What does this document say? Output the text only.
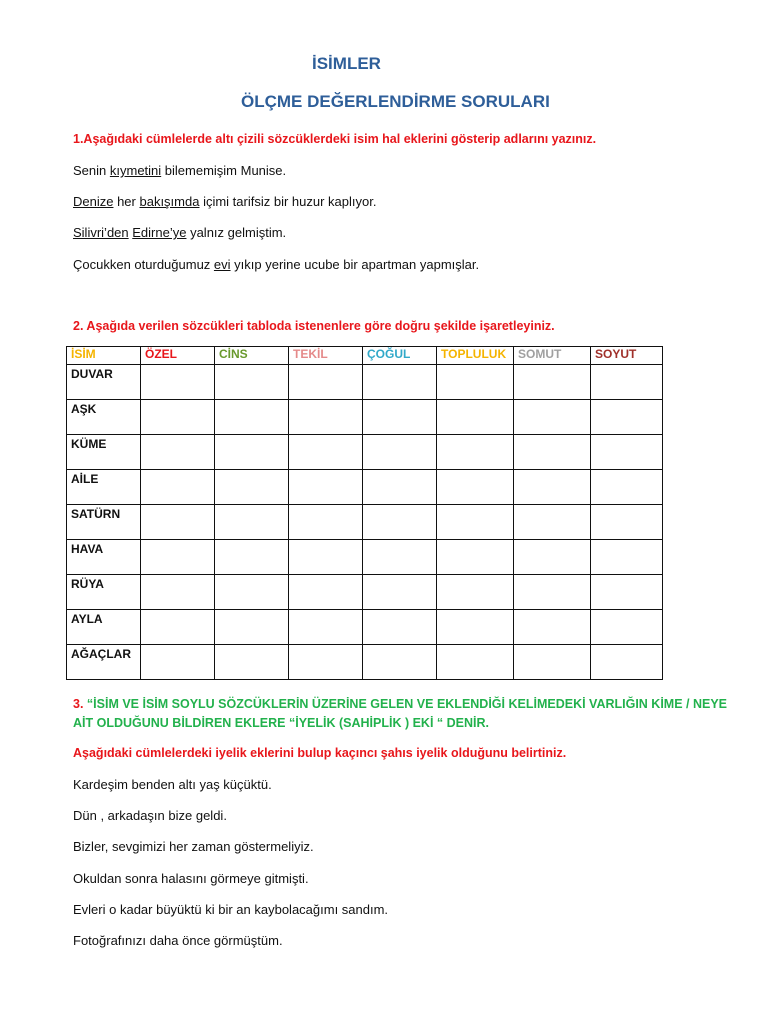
İSİMLER
ÖLÇME DEĞERLENDİRME SORULARI
1.Aşağıdaki cümlelerde altı çizili sözcüklerdeki isim hal eklerini gösterip adlarını yazınız.
Senin kıymetini bilememişim Munise.
Denize her bakışımda içimi tarifsiz bir huzur kaplıyor.
Silivri’den Edirne’ye yalnız gelmiştim.
Çocukken oturduğumuz evi yıkıp yerine ucube bir apartman yapmışlar.
2. Aşağıda verilen sözcükleri tabloda istenenlere göre doğru şekilde işaretleyiniz.
İSİM	ÖZEL	CİNS	TEKİL	ÇOĞUL	TOPLULUK	SOMUT	SOYUT
DUVAR							
AŞK							
KÜME							
AİLE							
SATÜRN							
HAVA							
RÜYA							
AYLA							
AĞAÇLAR							
3. “İSİM VE İSİM SOYLU SÖZCÜKLERİN ÜZERİNE GELEN VE EKLENDİĞİ KELİMEDEKİ VARLIĞIN KİME / NEYE AİT OLDUĞUNU BİLDİREN EKLERE “İYELİK (SAHİPLİK ) EKİ “ DENİR.
Aşağıdaki cümlelerdeki iyelik eklerini bulup kaçıncı şahıs iyelik olduğunu belirtiniz.
Kardeşim benden altı yaş küçüktü.
Dün , arkadaşın bize geldi.
Bizler, sevgimizi her zaman göstermeliyiz.
Okuldan sonra halasını görmeye gitmişti.
Evleri o kadar büyüktü ki bir an kaybolacağımı sandım.
Fotoğrafınızı daha önce görmüştüm.
